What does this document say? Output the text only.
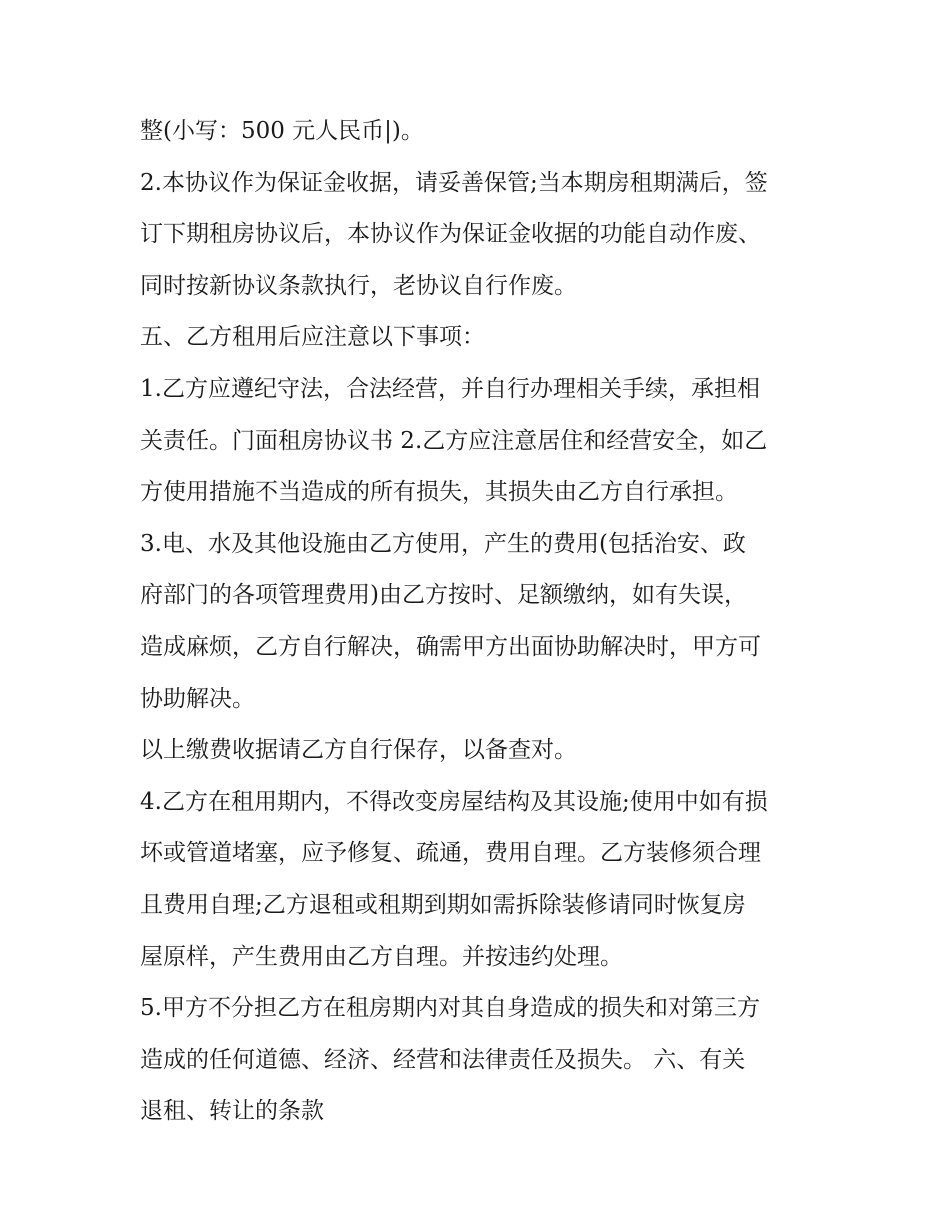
整(小写：500 元人民币|)。
2.本协议作为保证金收据，请妥善保管;当本期房租期满后，签
订下期租房协议后，本协议作为保证金收据的功能自动作废、
同时按新协议条款执行，老协议自行作废。
五、乙方租用后应注意以下事项：
1.乙方应遵纪守法，合法经营，并自行办理相关手续，承担相
关责任。门面租房协议书 2.乙方应注意居住和经营安全，如乙
方使用措施不当造成的所有损失，其损失由乙方自行承担。
3.电、水及其他设施由乙方使用，产生的费用(包括治安、政
府部门的各项管理费用)由乙方按时、足额缴纳，如有失误，
造成麻烦，乙方自行解决，确需甲方出面协助解决时，甲方可
协助解决。
以上缴费收据请乙方自行保存，以备查对。
4.乙方在租用期内，不得改变房屋结构及其设施;使用中如有损
坏或管道堵塞，应予修复、疏通，费用自理。乙方装修须合理
且费用自理;乙方退租或租期到期如需拆除装修请同时恢复房
屋原样，产生费用由乙方自理。并按违约处理。
5.甲方不分担乙方在租房期内对其自身造成的损失和对第三方
造成的任何道德、经济、经营和法律责任及损失。 六、有关
退租、转让的条款
